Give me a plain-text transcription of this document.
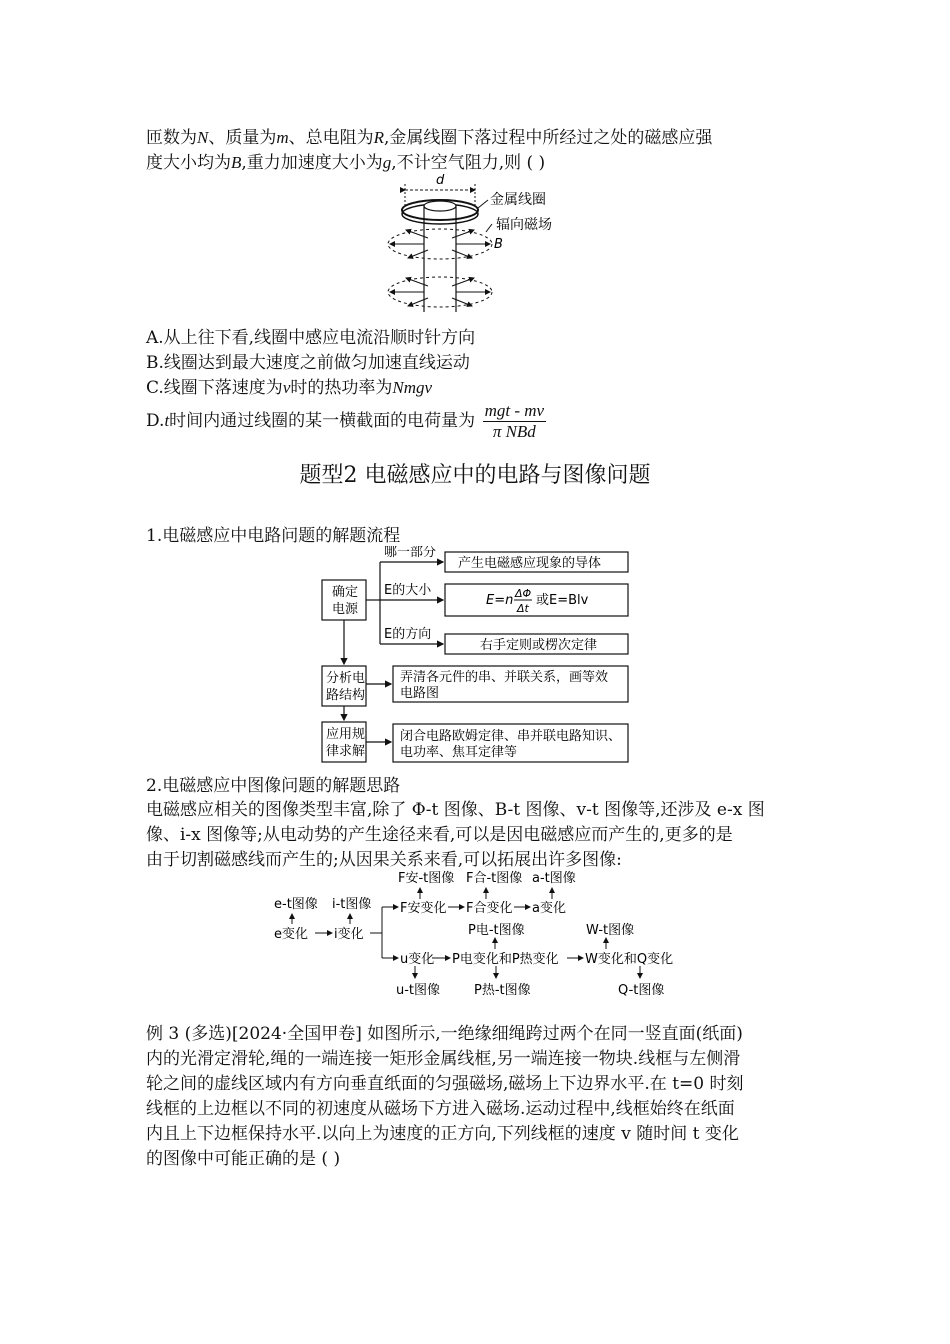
匝数为N、质量为m、总电阻为R,金属线圈下落过程中所经过之处的磁感应强
度大小均为B,重力加速度大小为g,不计空气阻力,则 ( )
d
金属线圈
辐向磁场
B
A.从上往下看,线圈中感应电流沿顺时针方向
B.线圈达到最大速度之前做匀加速直线运动
C.线圈下落速度为v时的热功率为Nmgv
D.t时间内通过线圈的某一横截面的电荷量为 $\frac{\text{mgt - mv}}{\text{π NBd}}$
题型2 电磁感应中的电路与图像问题
1.电磁感应中电路问题的解题流程
确定
电源
分析电
路结构
应用规
律求解
哪一部分
E的大小
E的方向
产生电磁感应现象的导体
E=n ΔΦ
Δt
或E=Blv
右手定则或楞次定律
弄清各元件的串、并联关系，画等效
电路图
闭合电路欧姆定律、串并联电路知识、
电功率、焦耳定律等
2.电磁感应中图像问题的解题思路
电磁感应相关的图像类型丰富,除了 Φ-t 图像、B-t 图像、v-t 图像等,还涉及 e-x 图
像、i-x 图像等;从电动势的产生途径来看,可以是因电磁感应而产生的,更多的是
由于切割磁感线而产生的;从因果关系来看,可以拓展出许多图像:
e-t图像 i-t图像
e变化 i变化
F安-t图像 F合-t图像 a-t图像
F安变化 F合变化 a变化
P电-t图像	W-t图像
u变化 P电变化和P热变化 W变化和Q变化
u-t图像	P热-t图像	Q-t图像
例 3 (多选)[2024·全国甲卷] 如图所示,一绝缘细绳跨过两个在同一竖直面(纸面)
内的光滑定滑轮,绳的一端连接一矩形金属线框,另一端连接一物块.线框与左侧滑
轮之间的虚线区域内有方向垂直纸面的匀强磁场,磁场上下边界水平.在 t=0 时刻
线框的上边框以不同的初速度从磁场下方进入磁场.运动过程中,线框始终在纸面
内且上下边框保持水平.以向上为速度的正方向,下列线框的速度 v 随时间 t 变化
的图像中可能正确的是 ( )
